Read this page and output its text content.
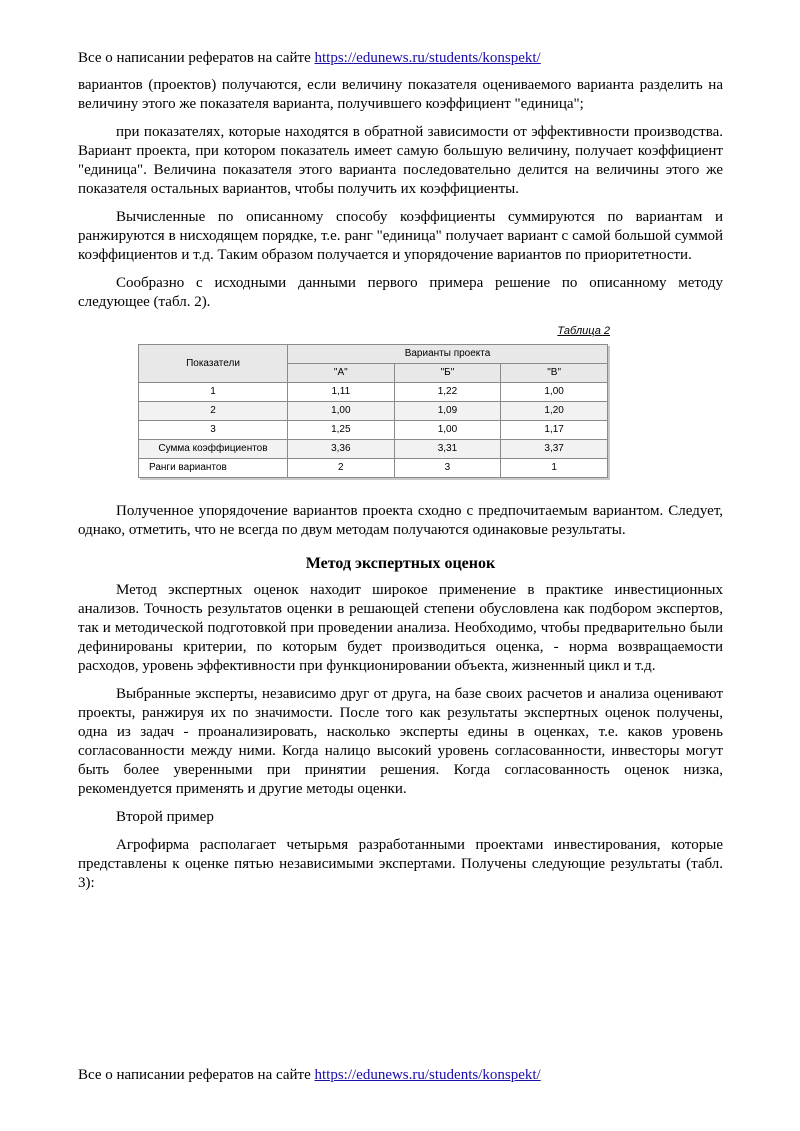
Все о написании рефератов на сайте https://edunews.ru/students/konspekt/

вариантов (проектов) получаются, если величину показателя оцениваемого варианта разделить на величину этого же показателя варианта, получившего коэффициент "единица";

при показателях, которые находятся в обратной зависимости от эффективности производства. Вариант проекта, при котором показатель имеет самую большую величину, получает коэффициент "единица". Величина показателя этого варианта последовательно делится на величины этого же показателя остальных вариантов, чтобы получить их коэффициенты.

Вычисленные по описанному способу коэффициенты суммируются по вариантам и ранжируются в нисходящем порядке, т.е. ранг "единица" получает вариант с самой большой суммой коэффициентов и т.д. Таким образом получается и упорядочение вариантов по приоритетности.

Сообразно с исходными данными первого примера решение по описанному методу следующее (табл. 2).

Таблица 2
Показатели	Варианты проекта		
	"А"	"Б"	"В"
1	1,11	1,22	1,00
2	1,00	1,09	1,20
3	1,25	1,00	1,17
Сумма коэффициентов	3,36	3,31	3,37
Ранги вариантов	2	3	1

Полученное упорядочение вариантов проекта сходно с предпочитаемым вариантом. Следует, однако, отметить, что не всегда по двум методам получаются одинаковые результаты.

Метод экспертных оценок

Метод экспертных оценок находит широкое применение в практике инвестиционных анализов. Точность результатов оценки в решающей степени обусловлена как подбором экспертов, так и методической подготовкой при проведении анализа. Необходимо, чтобы предварительно были дефинированы критерии, по которым будет производиться оценка, - норма возвращаемости расходов, уровень эффективности при функционировании объекта, жизненный цикл и т.д.

Выбранные эксперты, независимо друг от друга, на базе своих расчетов и анализа оценивают проекты, ранжируя их по значимости. После того как результаты экспертных оценок получены, одна из задач - проанализировать, насколько эксперты едины в оценках, т.е. каков уровень согласованности между ними. Когда налицо высокий уровень согласованности, инвесторы могут быть более уверенными при принятии решения. Когда согласованность оценок низка, рекомендуется применять и другие методы оценки.

Второй пример

Агрофирма располагает четырьмя разработанными проектами инвестирования, которые представлены к оценке пятью независимыми экспертами. Получены следующие результаты (табл. 3):

Все о написании рефератов на сайте https://edunews.ru/students/konspekt/
